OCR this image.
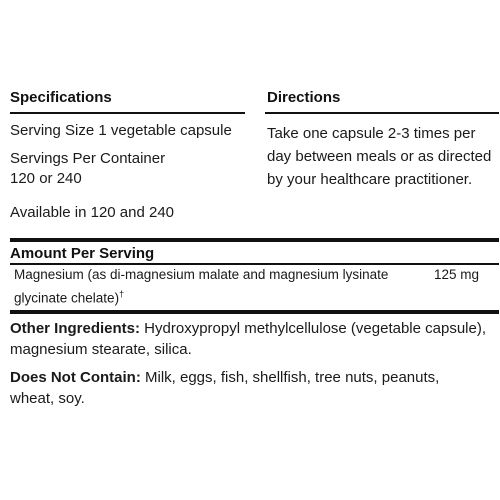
Specifications
Serving Size 1 vegetable capsule
Servings Per Container
120 or 240
Available in 120 and 240
Directions
Take one capsule 2-3 times per
day between meals or as directed
by your healthcare practitioner.
Amount Per Serving
Magnesium (as di-magnesium malate and magnesium lysinate
glycinate chelate)†
125 mg
Other Ingredients: Hydroxypropyl methylcellulose (vegetable capsule),
magnesium stearate, silica.
Does Not Contain: Milk, eggs, fish, shellfish, tree nuts, peanuts,
wheat, soy.
